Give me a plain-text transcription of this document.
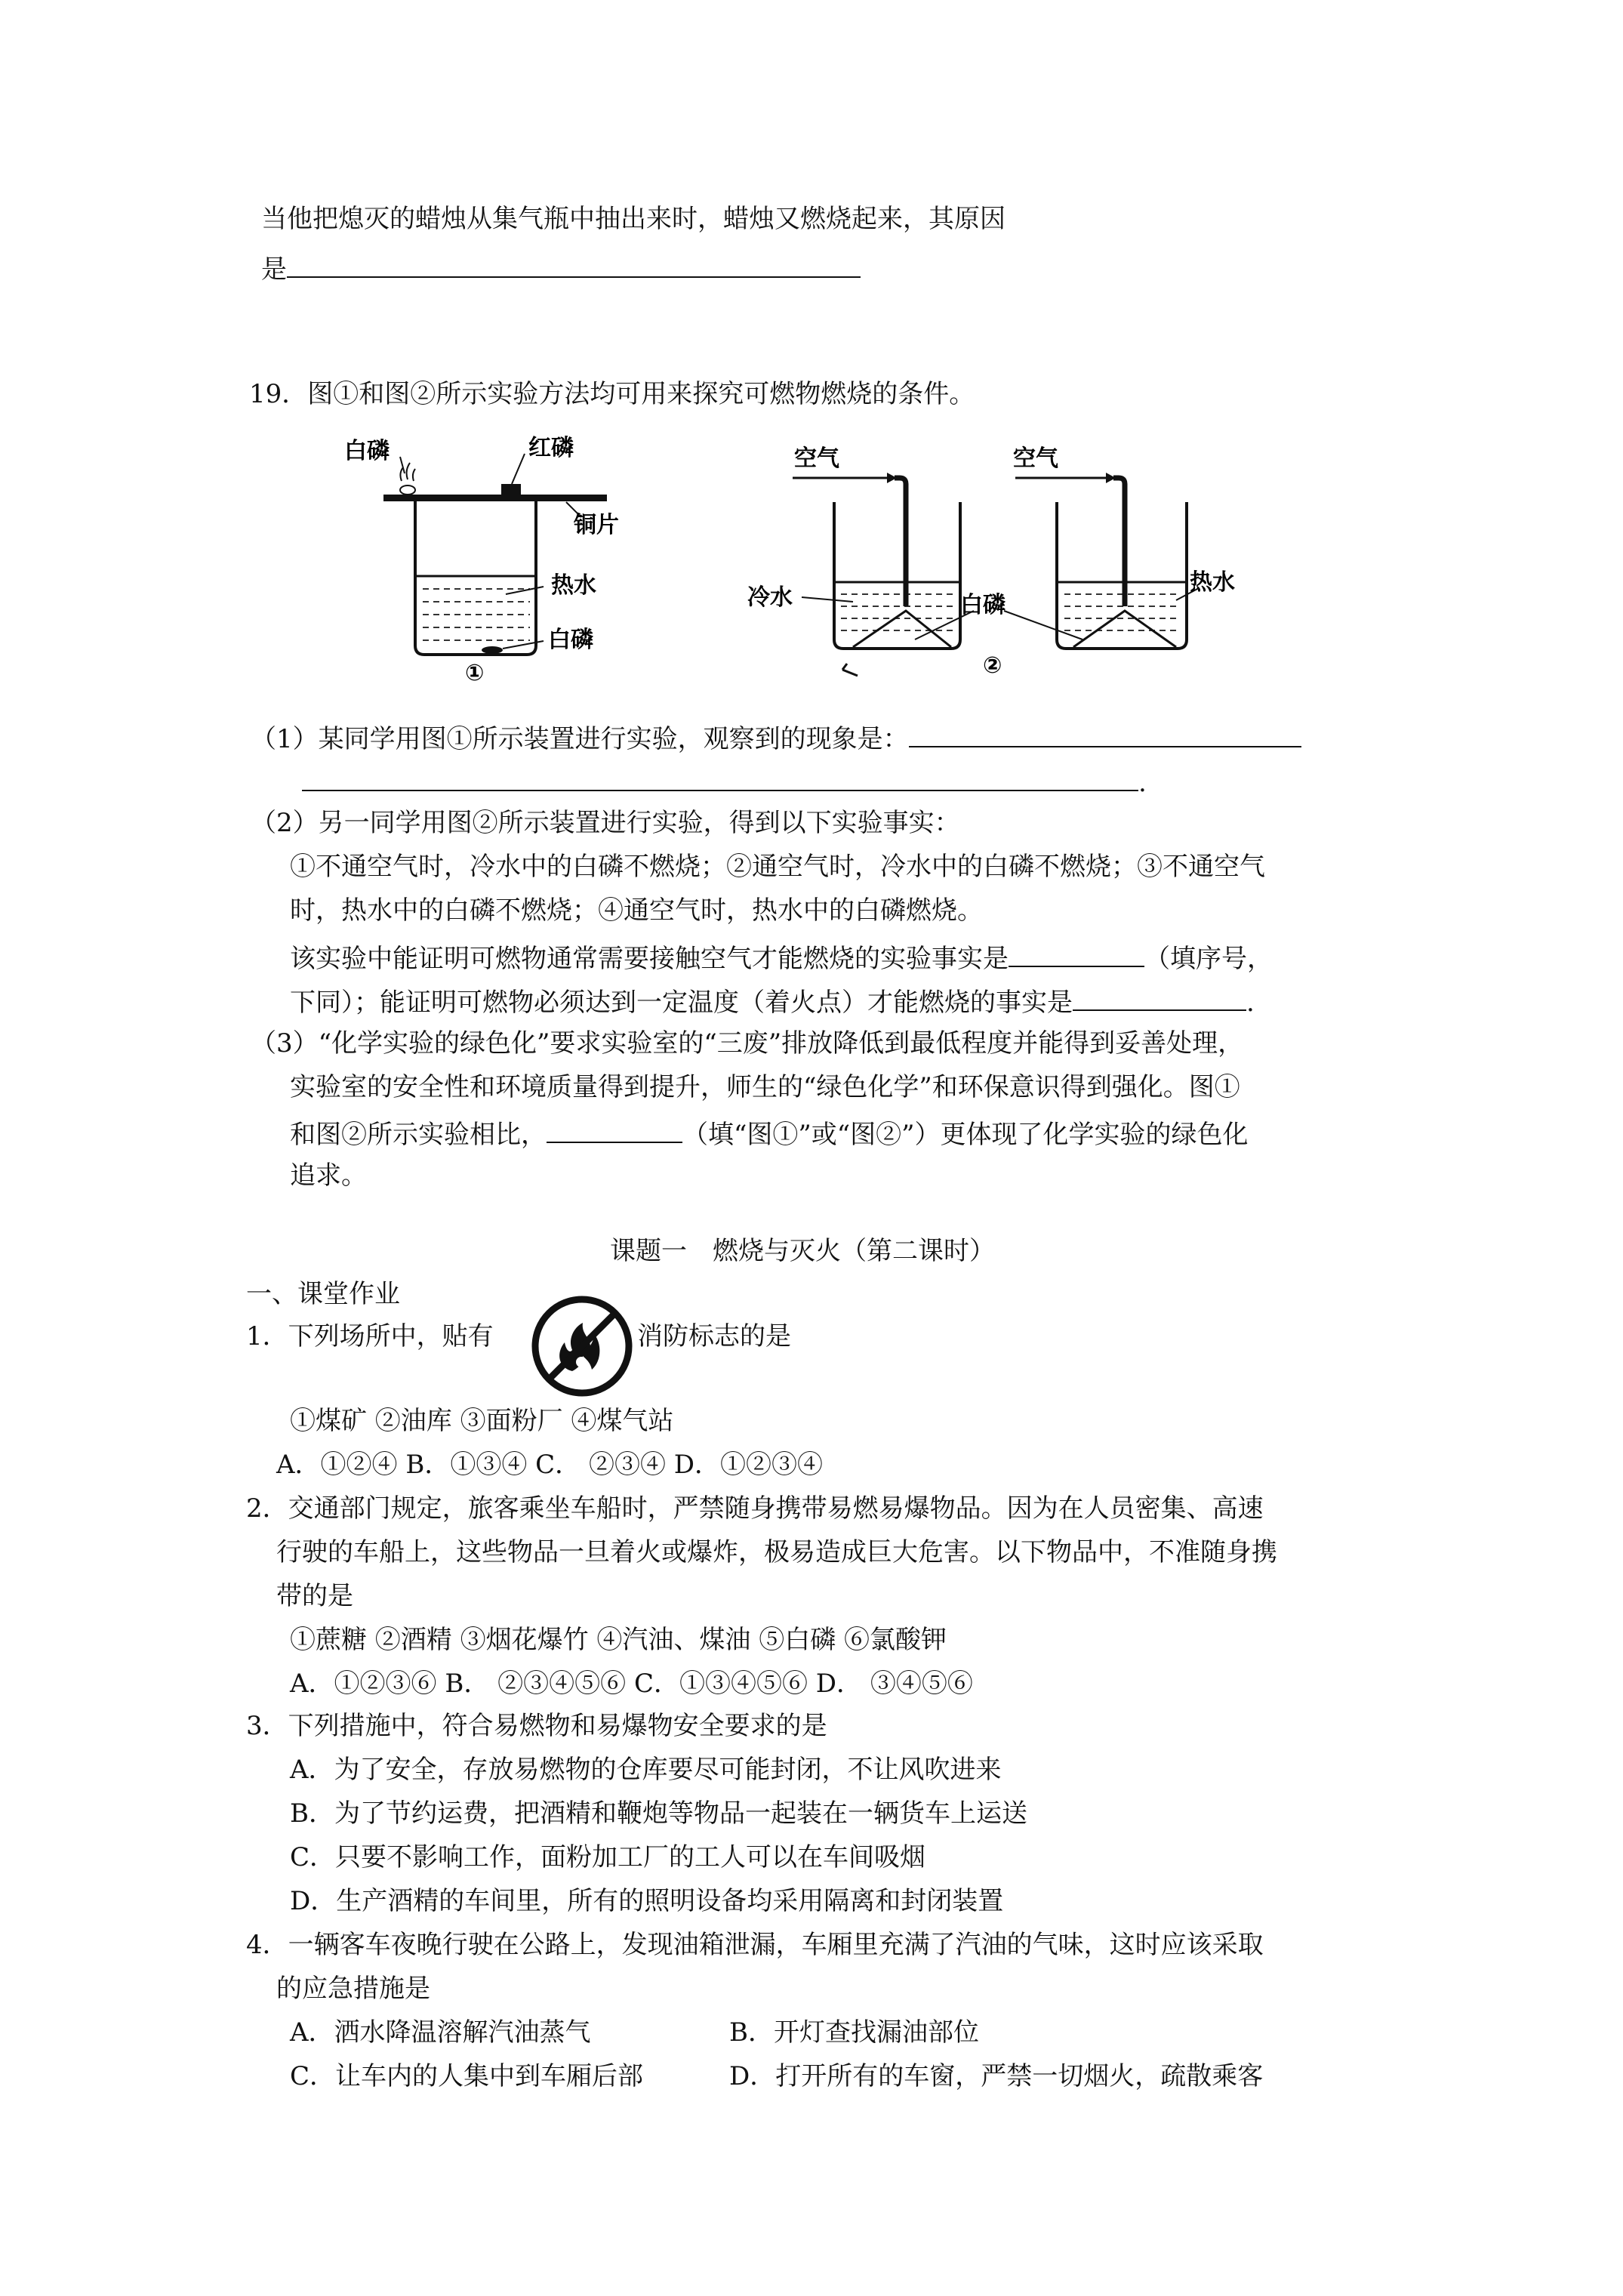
当他把熄灭的蜡烛从集气瓶中抽出来时，蜡烛又燃烧起来，其原因
是
19．图①和图②所示实验方法均可用来探究可燃物燃烧的条件。
白磷	红磷
铜片
热水
白磷
①
空气	空气
冷水	白磷
热水
②
（1）某同学用图①所示装置进行实验，观察到的现象是：
.
（2）另一同学用图②所示装置进行实验，得到以下实验事实：
①不通空气时，冷水中的白磷不燃烧；②通空气时，冷水中的白磷不燃烧；③不通空气
时，热水中的白磷不燃烧；④通空气时，热水中的白磷燃烧。
该实验中能证明可燃物通常需要接触空气才能燃烧的实验事实是	（填序号，
下同）；能证明可燃物必须达到一定温度（着火点）才能燃烧的事实是	.
（3）“化学实验的绿色化”要求实验室的“三废”排放降低到最低程度并能得到妥善处理，
实验室的安全性和环境质量得到提升，师生的“绿色化学”和环保意识得到强化。图①
和图②所示实验相比，	（填“图①”或“图②”）更体现了化学实验的绿色化
追求。
课题一　燃烧与灭火（第二课时）
一、课堂作业
1．下列场所中，贴有	消防标志的是
①煤矿 ②油库 ③面粉厂 ④煤气站
A．①②④ B．①③④ C． ②③④ D．①②③④
2．交通部门规定，旅客乘坐车船时，严禁随身携带易燃易爆物品。因为在人员密集、高速
行驶的车船上，这些物品一旦着火或爆炸，极易造成巨大危害。以下物品中，不准随身携
带的是
①蔗糖 ②酒精 ③烟花爆竹 ④汽油、煤油 ⑤白磷 ⑥氯酸钾
A．①②③⑥ B． ②③④⑤⑥ C．①③④⑤⑥ D． ③④⑤⑥
3．下列措施中，符合易燃物和易爆物安全要求的是
A．为了安全，存放易燃物的仓库要尽可能封闭，不让风吹进来
B．为了节约运费，把酒精和鞭炮等物品一起装在一辆货车上运送
C．只要不影响工作，面粉加工厂的工人可以在车间吸烟
D．生产酒精的车间里，所有的照明设备均采用隔离和封闭装置
4．一辆客车夜晚行驶在公路上，发现油箱泄漏，车厢里充满了汽油的气味，这时应该采取
的应急措施是
A．洒水降温溶解汽油蒸气	B．开灯查找漏油部位
C．让车内的人集中到车厢后部	D．打开所有的车窗，严禁一切烟火，疏散乘客
